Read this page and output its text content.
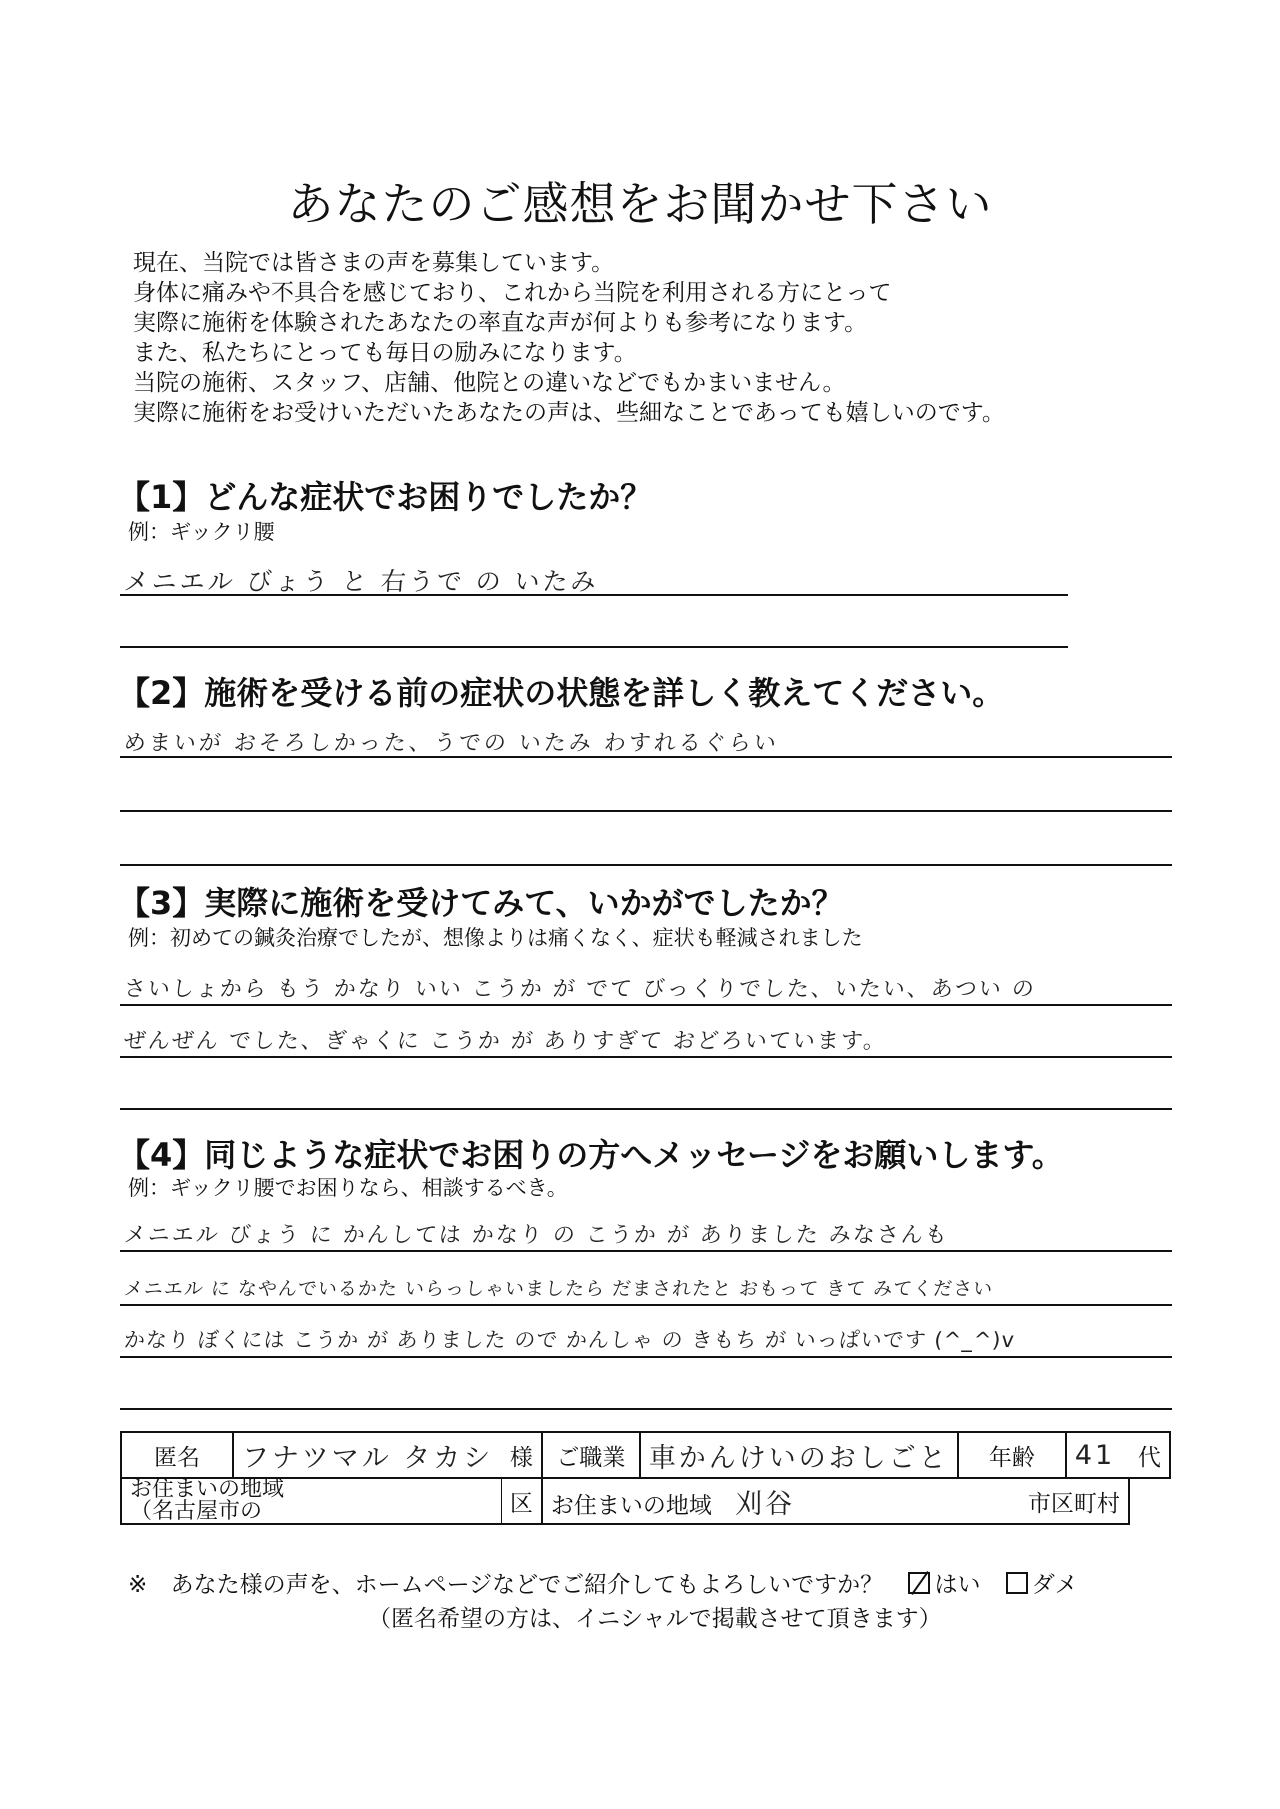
あなたのご感想をお聞かせ下さい
現在、当院では皆さまの声を募集しています。
身体に痛みや不具合を感じており、これから当院を利用される方にとって
実際に施術を体験されたあなたの率直な声が何よりも参考になります。
また、私たちにとっても毎日の励みになります。
当院の施術、スタッフ、店舗、他院との違いなどでもかまいません。
実際に施術をお受けいただいたあなたの声は、些細なことであっても嬉しいのです。
【1】どんな症状でお困りでしたか？
例：ギックリ腰
メニエル びょう と 右うで の いたみ
【2】施術を受ける前の症状の状態を詳しく教えてください。
めまいが おそろしかった、うでの いたみ わすれるぐらい
【3】実際に施術を受けてみて、いかがでしたか？
例：初めての鍼灸治療でしたが、想像よりは痛くなく、症状も軽減されました
さいしょから もう かなり いい こうか が でて びっくりでした、いたい、あつい の
ぜんぜん でした、ぎゃくに こうか が ありすぎて おどろいています。
【4】同じような症状でお困りの方へメッセージをお願いします。
例：ギックリ腰でお困りなら、相談するべき。
メニエル びょう に かんしては かなり の こうか が ありました みなさんも
メニエル に なやんでいるかた いらっしゃいましたら だまされたと おもって きて みてください
かなり ぼくには こうか が ありました ので かんしゃ の きもち が いっぱいです (^_^)v
匿名	フナツマル タカシ	様	ご職業	車かんけいのおしごと	年齢	41	代

お住まいの地域
（名古屋市の		区	お住まいの地域 刈谷		市区町村		
※ あなた様の声を、ホームページなどでご紹介してもよろしいですか？ はい ダメ
（匿名希望の方は、イニシャルで掲載させて頂きます）
